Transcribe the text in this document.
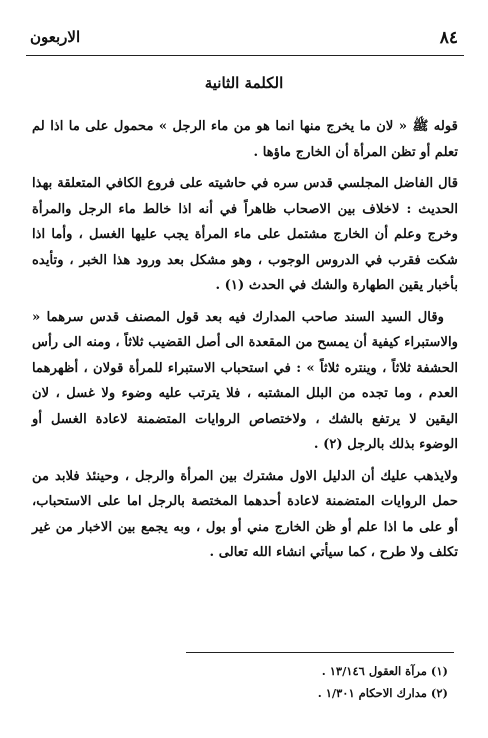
الاربعون	٨٤
الكلمة الثانية

قوله ﷺ « لان ما يخرج منها انما هو من ماء الرجل » محمول على ما اذا لم تعلم أو تظن المرأة أن الخارج ماؤها .

قال الفاضل المجلسي قدس سره في حاشيته على فروع الكافي المتعلقة بهذا الحديث : لاخلاف بين الاصحاب ظاهراً في أنه اذا خالط ماء الرجل والمرأة وخرج وعلم أن الخارج مشتمل على ماء المرأة يجب عليها الغسل ، وأما اذا شكت فقرب في الدروس الوجوب ، وهو مشكل بعد ورود هذا الخبر ، وتأيده بأخبار يقين الطهارة والشك في الحدث (١) .

وقال السيد السند صاحب المدارك فيه بعد قول المصنف قدس سرهما « والاستبراء كيفية أن يمسح من المقعدة الى أصل القضيب ثلاثاً ، ومنه الى رأس الحشفة ثلاثاً ، وينتره ثلاثاً » : في استحباب الاستبراء للمرأة قولان ، أظهرهما العدم ، وما تجده من البلل المشتبه ، فلا يترتب عليه وضوء ولا غسل ، لان اليقين لا يرتفع بالشك ، ولاختصاص الروايات المتضمنة لاعادة الغسل أو الوضوء بذلك بالرجل (٢) .

ولايذهب عليك أن الدليل الاول مشترك بين المرأة والرجل ، وحينئذ فلابد من حمل الروايات المتضمنة لاعادة أحدهما المختصة بالرجل اما على الاستحباب، أو على ما اذا علم أو ظن الخارج مني أو بول ، وبه يجمع بين الاخبار من غير تكلف ولا طرح ، كما سيأتي انشاء الله تعالى .

(١) مرآة العقول ١٣/١٤٦ .
(٢) مدارك الاحكام ١/٣٠١ .
